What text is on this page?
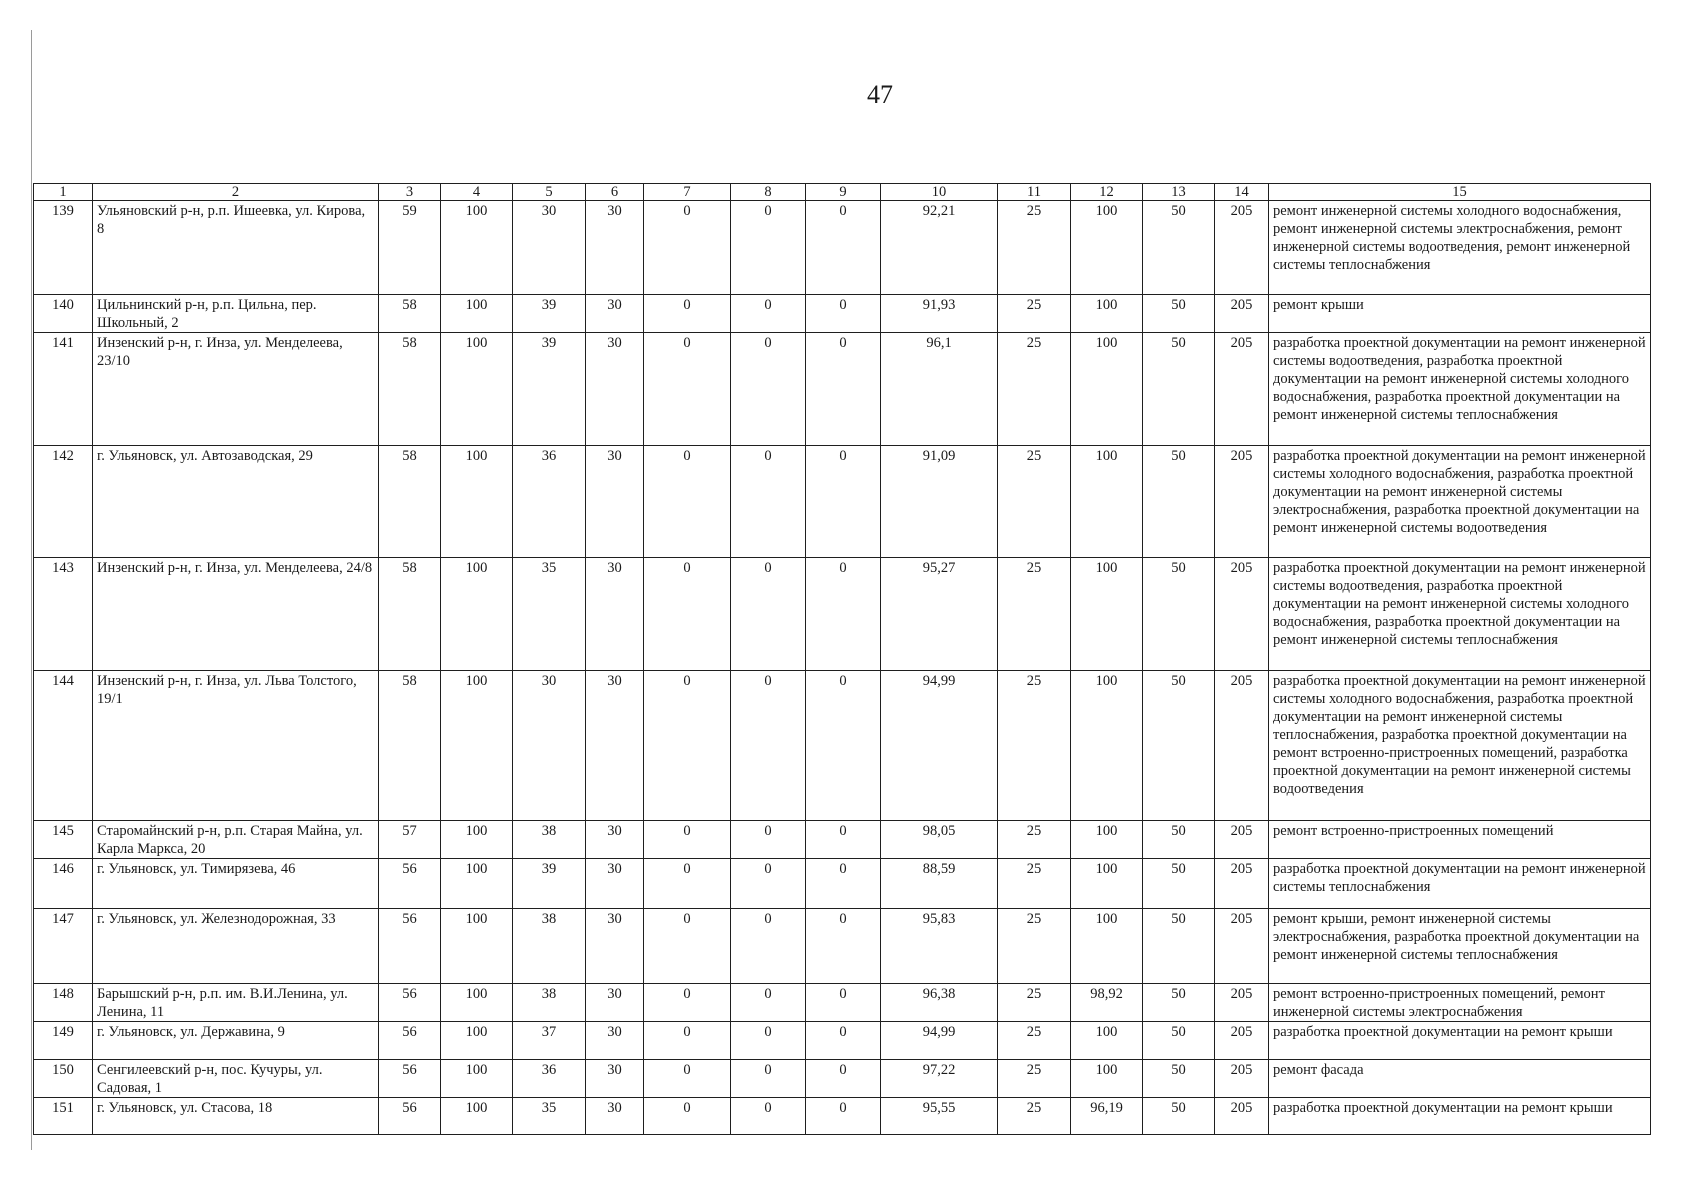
47
1	2	3	4	5	6	7	8	9	10	11	12	13	14	15
139	Ульяновский р-н, р.п. Ишеевка, ул. Кирова, 8	59	100	30	30	0	0	0	92,21	25	100	50	205	ремонт инженерной системы холодного водоснабжения, ремонт инженерной системы электроснабжения, ремонт инженерной системы водоотведения, ремонт инженерной системы теплоснабжения
140	Цильнинский р-н, р.п. Цильна, пер. Школьный, 2	58	100	39	30	0	0	0	91,93	25	100	50	205	ремонт крыши
141	Инзенский р-н, г. Инза, ул. Менделеева, 23/10	58	100	39	30	0	0	0	96,1	25	100	50	205	разработка проектной документации на ремонт инженерной системы водоотведения, разработка проектной документации на ремонт инженерной системы холодного водоснабжения, разработка проектной документации на ремонт инженерной системы теплоснабжения
142	г. Ульяновск, ул. Автозаводская, 29	58	100	36	30	0	0	0	91,09	25	100	50	205	разработка проектной документации на ремонт инженерной системы холодного водоснабжения, разработка проектной документации на ремонт инженерной системы электроснабжения, разработка проектной документации на ремонт инженерной системы водоотведения
143	Инзенский р-н, г. Инза, ул. Менделеева, 24/8	58	100	35	30	0	0	0	95,27	25	100	50	205	разработка проектной документации на ремонт инженерной системы водоотведения, разработка проектной документации на ремонт инженерной системы холодного водоснабжения, разработка проектной документации на ремонт инженерной системы теплоснабжения
144	Инзенский р-н, г. Инза, ул. Льва Толстого, 19/1	58	100	30	30	0	0	0	94,99	25	100	50	205	разработка проектной документации на ремонт инженерной системы холодного водоснабжения, разработка проектной документации на ремонт инженерной системы теплоснабжения, разработка проектной документации на ремонт встроенно-пристроенных помещений, разработка проектной документации на ремонт инженерной системы водоотведения
145	Старомайнский р-н, р.п. Старая Майна, ул. Карла Маркса, 20	57	100	38	30	0	0	0	98,05	25	100	50	205	ремонт встроенно-пристроенных помещений
146	г. Ульяновск, ул. Тимирязева, 46	56	100	39	30	0	0	0	88,59	25	100	50	205	разработка проектной документации на ремонт инженерной системы теплоснабжения
147	г. Ульяновск, ул. Железнодорожная, 33	56	100	38	30	0	0	0	95,83	25	100	50	205	ремонт крыши, ремонт инженерной системы электроснабжения, разработка проектной документации на ремонт инженерной системы теплоснабжения
148	Барышский р-н, р.п. им. В.И.Ленина, ул. Ленина, 11	56	100	38	30	0	0	0	96,38	25	98,92	50	205	ремонт встроенно-пристроенных помещений, ремонт инженерной системы электроснабжения
149	г. Ульяновск, ул. Державина, 9	56	100	37	30	0	0	0	94,99	25	100	50	205	разработка проектной документации на ремонт крыши
150	Сенгилеевский р-н, пос. Кучуры, ул. Садовая, 1	56	100	36	30	0	0	0	97,22	25	100	50	205	ремонт фасада
151	г. Ульяновск, ул. Стасова, 18	56	100	35	30	0	0	0	95,55	25	96,19	50	205	разработка проектной документации на ремонт крыши
